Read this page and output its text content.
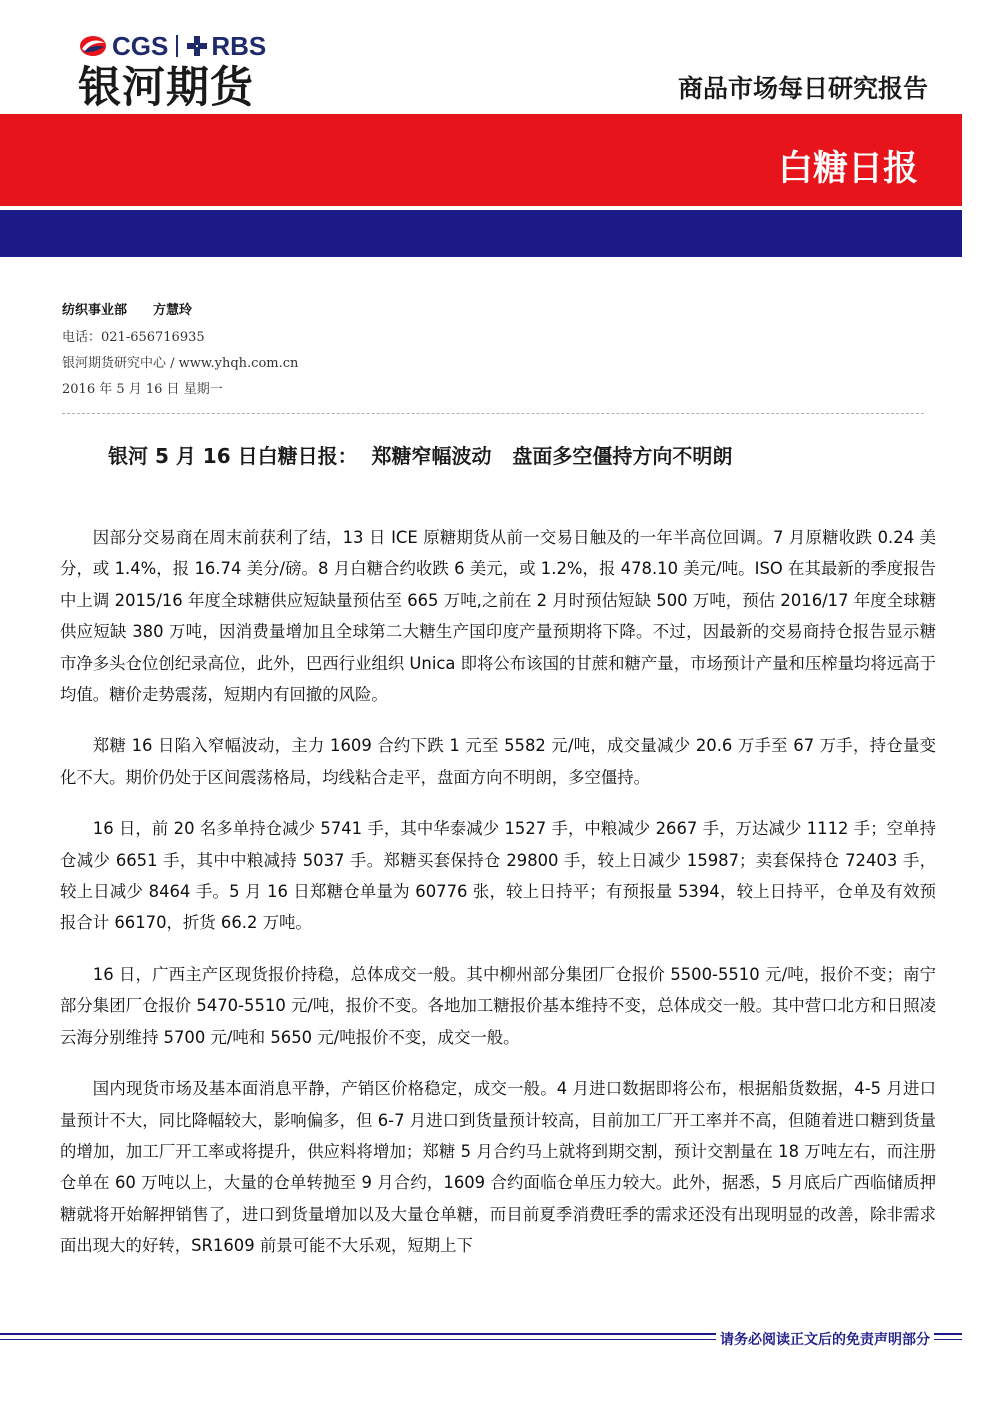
CGS RBS
银河期货	商品市场每日研究报告
白糖日报
纺织事业部 方慧玲
电话：021-656716935
银河期货研究中心 / www.yhqh.com.cn
2016 年 5 月 16 日 星期一
银河 5 月 16 日白糖日报：  郑糖窄幅波动   盘面多空僵持方向不明朗

因部分交易商在周末前获利了结，13 日 ICE 原糖期货从前一交易日触及的一年半高位回调。7 月原糖收跌 0.24 美分，或 1.4%，报 16.74 美分/磅。8 月白糖合约收跌 6 美元，或 1.2%，报 478.10 美元/吨。ISO 在其最新的季度报告中上调 2015/16 年度全球糖供应短缺量预估至 665 万吨,之前在 2 月时预估短缺 500 万吨，预估 2016/17 年度全球糖供应短缺 380 万吨，因消费量增加且全球第二大糖生产国印度产量预期将下降。不过，因最新的交易商持仓报告显示糖市净多头仓位创纪录高位，此外，巴西行业组织 Unica 即将公布该国的甘蔗和糖产量，市场预计产量和压榨量均将远高于均值。糖价走势震荡，短期内有回撤的风险。

郑糖 16 日陷入窄幅波动，主力 1609 合约下跌 1 元至 5582 元/吨，成交量减少 20.6 万手至 67 万手，持仓量变化不大。期价仍处于区间震荡格局，均线粘合走平，盘面方向不明朗，多空僵持。

16 日，前 20 名多单持仓减少 5741 手，其中华泰减少 1527 手，中粮减少 2667 手，万达减少 1112 手；空单持仓减少 6651 手，其中中粮减持 5037 手。郑糖买套保持仓 29800 手，较上日减少 15987；卖套保持仓 72403 手，较上日减少 8464 手。5 月 16 日郑糖仓单量为 60776 张，较上日持平；有预报量 5394，较上日持平，仓单及有效预报合计 66170，折货 66.2 万吨。

16 日，广西主产区现货报价持稳，总体成交一般。其中柳州部分集团厂仓报价 5500-5510 元/吨，报价不变；南宁部分集团厂仓报价 5470-5510 元/吨，报价不变。各地加工糖报价基本维持不变，总体成交一般。其中营口北方和日照凌云海分别维持 5700 元/吨和 5650 元/吨报价不变，成交一般。

国内现货市场及基本面消息平静，产销区价格稳定，成交一般。4 月进口数据即将公布，根据船货数据，4-5 月进口量预计不大，同比降幅较大，影响偏多，但 6-7 月进口到货量预计较高，目前加工厂开工率并不高，但随着进口糖到货量的增加，加工厂开工率或将提升，供应料将增加；郑糖 5 月合约马上就将到期交割，预计交割量在 18 万吨左右，而注册仓单在 60 万吨以上，大量的仓单转抛至 9 月合约，1609 合约面临仓单压力较大。此外，据悉，5 月底后广西临储质押糖就将开始解押销售了，进口到货量增加以及大量仓单糖，而目前夏季消费旺季的需求还没有出现明显的改善，除非需求面出现大的好转，SR1609 前景可能不大乐观，短期上下

请务必阅读正文后的免责声明部分
